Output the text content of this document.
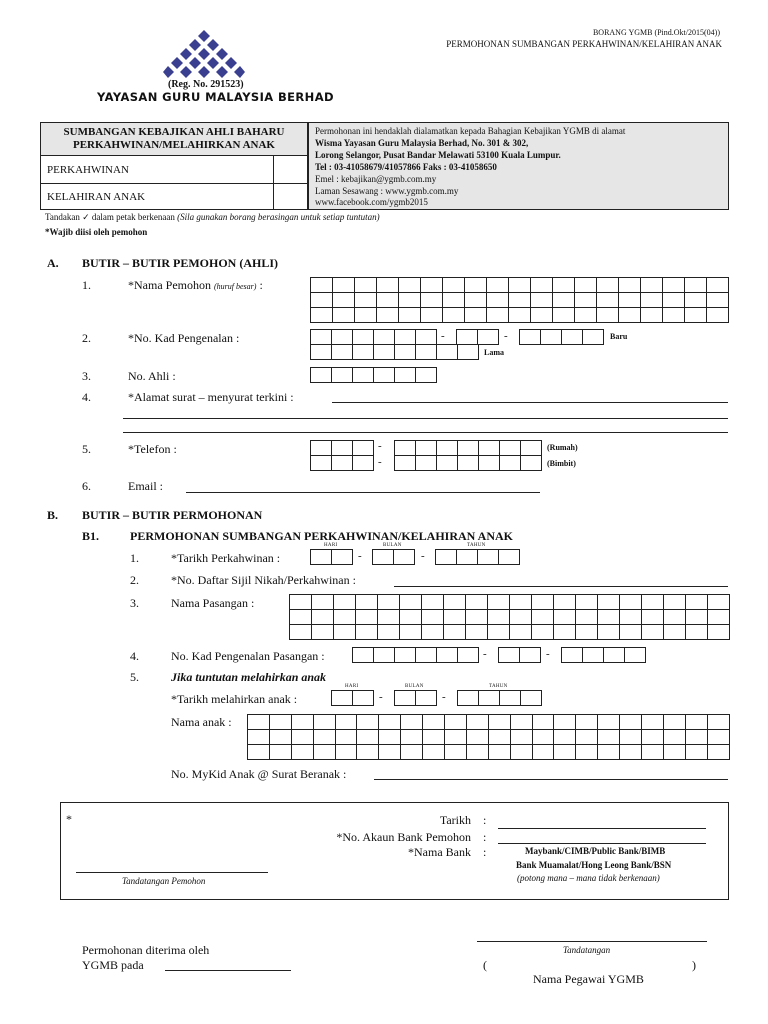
BORANG YGMB (Pind.Okt/2015(04))
PERMOHONAN SUMBANGAN PERKAHWINAN/KELAHIRAN ANAK
(Reg. No. 291523)
YAYASAN GURU MALAYSIA BERHAD
SUMBANGAN KEBAJIKAN AHLI BAHARU PERKAHWINAN/MELAHIRKAN ANAK
PERKAHWINAN
KELAHIRAN ANAK
Permohonan ini hendaklah dialamatkan kepada Bahagian Kebajikan YGMB di alamat
Wisma Yayasan Guru Malaysia Berhad, No. 301 & 302,
Lorong Selangor, Pusat Bandar Melawati 53100 Kuala Lumpur.
Tel : 03-41058679/41057866 Faks : 03-41058650
Emel : kebajikan@ygmb.com.my
Laman Sesawang : www.ygmb.com.my
www.facebook.com/ygmb2015
Tandakan ✓ dalam petak berkenaan (Sila gunakan borang berasingan untuk setiap tuntutan)
*Wajib diisi oleh pemohon
A. BUTIR – BUTIR PEMOHON (AHLI)
1.	*Nama Pemohon (huruf besar) :
2.	*No. Kad Pengenalan :	-	-	Baru
Lama
3.	No. Ahli :
4.	*Alamat surat – menyurat terkini :
5.	*Telefon :	-	(Rumah)
-	(Bimbit)
6.	Email :
B. BUTIR – BUTIR PERMOHONAN
B1.	PERMOHONAN SUMBANGAN PERKAHWINAN/KELAHIRAN ANAK
1.	*Tarikh Perkahwinan :
HARI	BULAN	TAHUN
-	-
2.	*No. Daftar Sijil Nikah/Perkahwinan :
3.	Nama Pasangan :
4.	No. Kad Pengenalan Pasangan :	-	-
5.	Jika tuntutan melahirkan anak
*Tarikh melahirkan anak :
HARI	BULAN	TAHUN
-	-
Nama anak :
No. MyKid Anak @ Surat Beranak :
*
Tandatangan Pemohon
Tarikh
*No. Akaun Bank Pemohon
*Nama Bank
:
:
:	Maybank/CIMB/Public Bank/BIMB
Bank Muamalat/Hong Leong Bank/BSN
(potong mana – mana tidak berkenaan)
Permohonan diterima oleh
YGMB pada
Tandatangan
(	)
Nama Pegawai YGMB
